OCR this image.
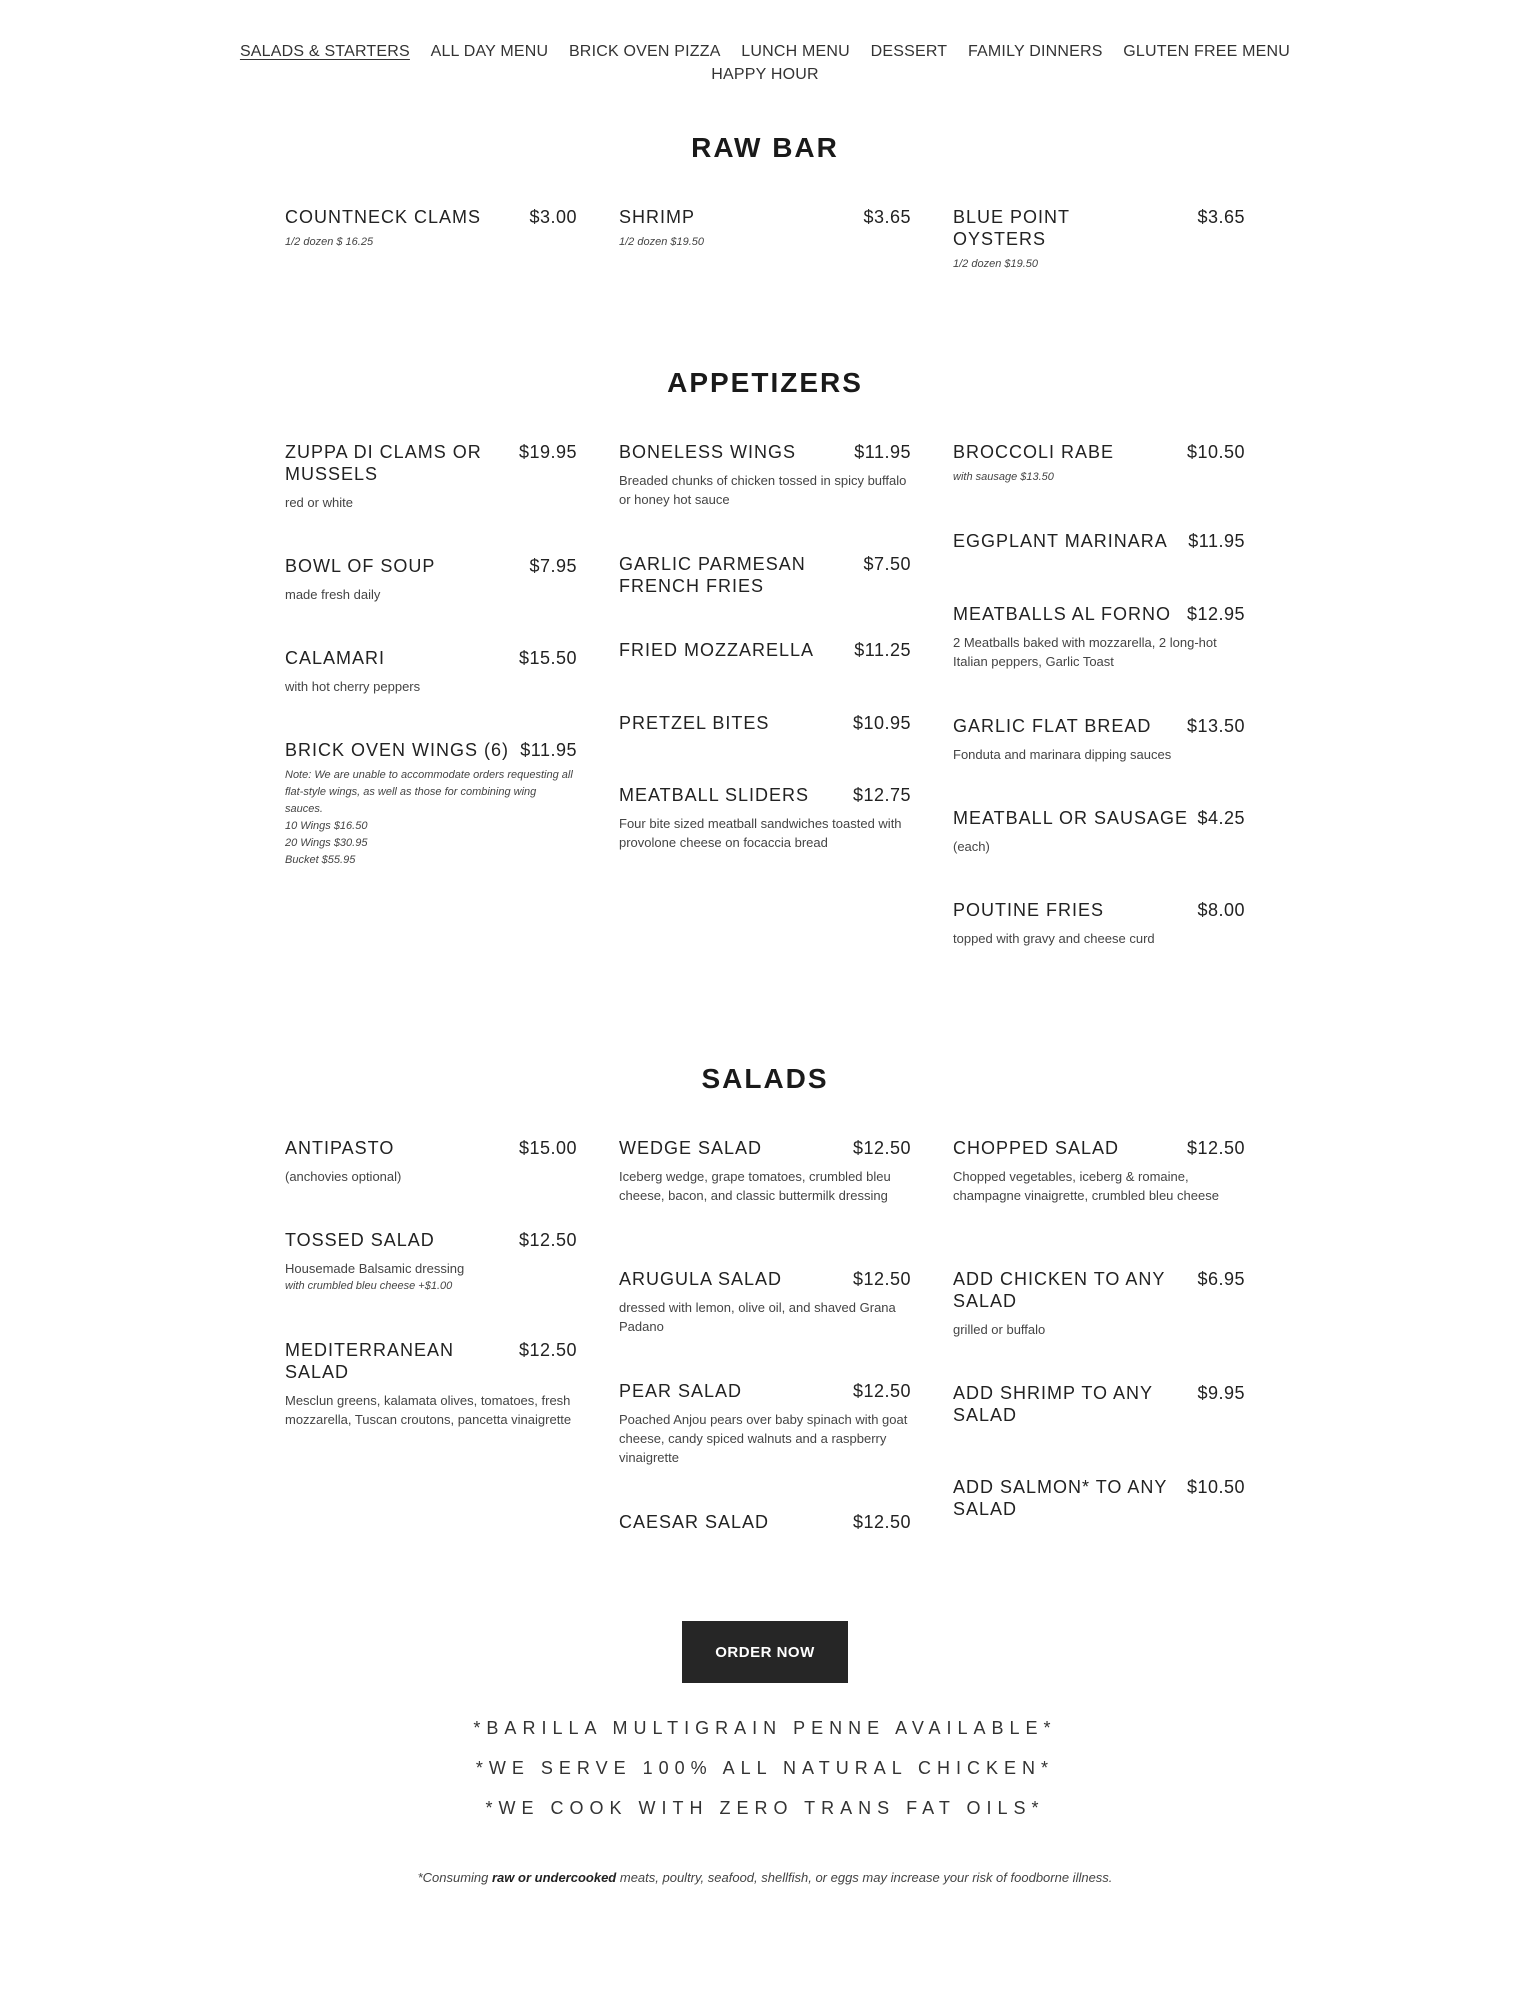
SALADS & STARTERS ALL DAY MENU BRICK OVEN PIZZA LUNCH MENU DESSERT FAMILY DINNERS GLUTEN FREE MENU
HAPPY HOUR
RAW BAR
COUNTNECK CLAMS	$3.00
1/2 dozen $ 16.25
SHRIMP	$3.65
1/2 dozen $19.50
BLUE POINT OYSTERS
$3.65
1/2 dozen $19.50
APPETIZERS
ZUPPA DI CLAMS OR MUSSELS
$19.95
red or white
BOWL OF SOUP	$7.95
made fresh daily
CALAMARI	$15.50
with hot cherry peppers
BRICK OVEN WINGS (6) $11.95
Note: We are unable to accommodate orders requesting all flat-style wings, as well as those for combining wing sauces.
10 Wings $16.50
20 Wings $30.95
Bucket $55.95
BONELESS WINGS	$11.95
Breaded chunks of chicken tossed in spicy buffalo or honey hot sauce
GARLIC PARMESAN FRENCH FRIES
$7.50
FRIED MOZZARELLA $11.25
PRETZEL BITES	$10.95
MEATBALL SLIDERS $12.75
Four bite sized meatball sandwiches toasted with provolone cheese on focaccia bread
BROCCOLI RABE	$10.50
with sausage $13.50
EGGPLANT MARINARA $11.95
MEATBALLS AL FORNO $12.95
2 Meatballs baked with mozzarella, 2 long-hot Italian peppers, Garlic Toast
GARLIC FLAT BREAD $13.50
Fonduta and marinara dipping sauces
MEATBALL OR SAUSAGE $4.25
(each)
POUTINE FRIES	$8.00
topped with gravy and cheese curd
SALADS
ANTIPASTO	$15.00
(anchovies optional)
TOSSED SALAD	$12.50
Housemade Balsamic dressing
with crumbled bleu cheese +$1.00
MEDITERRANEAN SALAD
$12.50
Mesclun greens, kalamata olives, tomatoes, fresh mozzarella, Tuscan croutons, pancetta vinaigrette
WEDGE SALAD	$12.50
Iceberg wedge, grape tomatoes, crumbled bleu cheese, bacon, and classic buttermilk dressing
ARUGULA SALAD	$12.50
dressed with lemon, olive oil, and shaved Grana Padano
PEAR SALAD	$12.50
Poached Anjou pears over baby spinach with goat cheese, candy spiced walnuts and a raspberry vinaigrette
CAESAR SALAD	$12.50
CHOPPED SALAD	$12.50
Chopped vegetables, iceberg & romaine, champagne vinaigrette, crumbled bleu cheese
ADD CHICKEN TO ANY SALAD
$6.95
grilled or buffalo
ADD SHRIMP TO ANY SALAD
$9.95
ADD SALMON* TO ANY SALAD
$10.50
ORDER NOW
*BARILLA MULTIGRAIN PENNE AVAILABLE*
*WE SERVE 100% ALL NATURAL CHICKEN*
*WE COOK WITH ZERO TRANS FAT OILS*
*Consuming raw or undercooked meats, poultry, seafood, shellfish, or eggs may increase your risk of foodborne illness.
